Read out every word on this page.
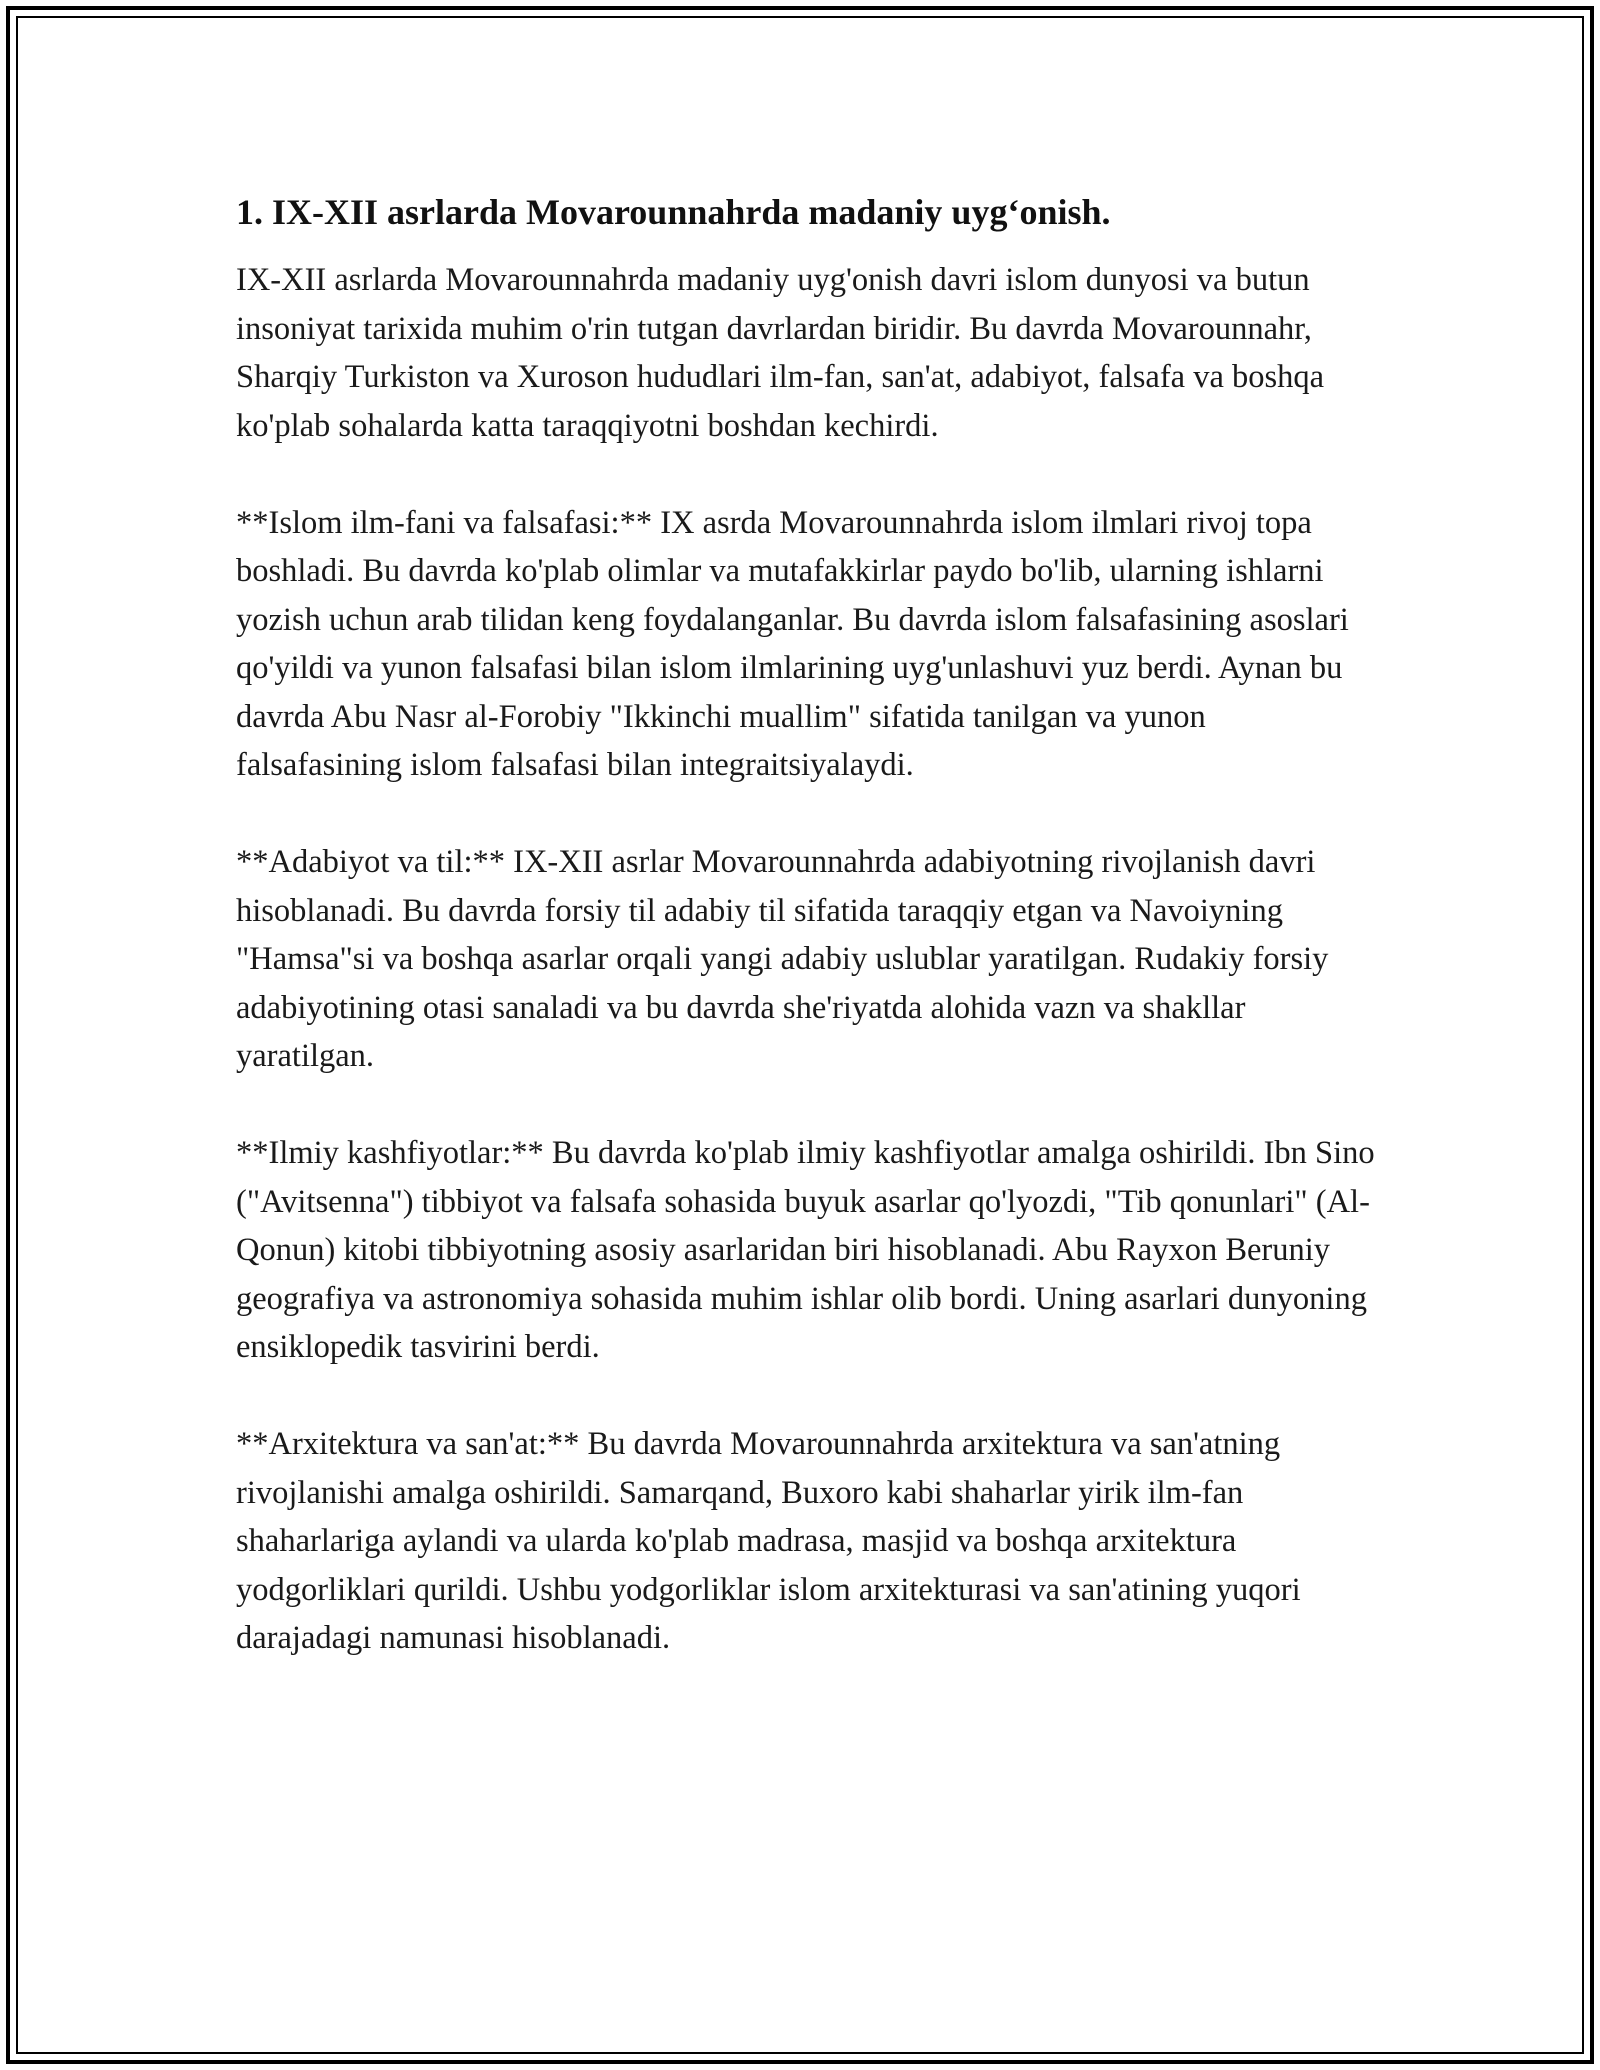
1. IX-XII asrlarda Movarounnahrda madaniy uyg‘onish.

IX-XII asrlarda Movarounnahrda madaniy uyg'onish davri islom dunyosi va butun insoniyat tarixida muhim o'rin tutgan davrlardan biridir. Bu davrda Movarounnahr, Sharqiy Turkiston va Xuroson hududlari ilm-fan, san'at, adabiyot, falsafa va boshqa ko'plab sohalarda katta taraqqiyotni boshdan kechirdi.

**Islom ilm-fani va falsafasi:** IX asrda Movarounnahrda islom ilmlari rivoj topa boshladi. Bu davrda ko'plab olimlar va mutafakkirlar paydo bo'lib, ularning ishlarni yozish uchun arab tilidan keng foydalanganlar. Bu davrda islom falsafasining asoslari qo'yildi va yunon falsafasi bilan islom ilmlarining uyg'unlashuvi yuz berdi. Aynan bu davrda Abu Nasr al-Forobiy "Ikkinchi muallim" sifatida tanilgan va yunon falsafasining islom falsafasi bilan integraitsiyalaydi.

**Adabiyot va til:** IX-XII asrlar Movarounnahrda adabiyotning rivojlanish davri hisoblanadi. Bu davrda forsiy til adabiy til sifatida taraqqiy etgan va Navoiyning "Hamsa"si va boshqa asarlar orqali yangi adabiy uslublar yaratilgan. Rudakiy forsiy adabiyotining otasi sanaladi va bu davrda she'riyatda alohida vazn va shakllar yaratilgan.

**Ilmiy kashfiyotlar:** Bu davrda ko'plab ilmiy kashfiyotlar amalga oshirildi. Ibn Sino ("Avitsenna") tibbiyot va falsafa sohasida buyuk asarlar qo'lyozdi, "Tib qonunlari" (Al-Qonun) kitobi tibbiyotning asosiy asarlaridan biri hisoblanadi. Abu Rayxon Beruniy geografiya va astronomiya sohasida muhim ishlar olib bordi. Uning asarlari dunyoning ensiklopedik tasvirini berdi.

**Arxitektura va san'at:** Bu davrda Movarounnahrda arxitektura va san'atning rivojlanishi amalga oshirildi. Samarqand, Buxoro kabi shaharlar yirik ilm-fan shaharlariga aylandi va ularda ko'plab madrasa, masjid va boshqa arxitektura yodgorliklari qurildi. Ushbu yodgorliklar islom arxitekturasi va san'atining yuqori darajadagi namunasi hisoblanadi.
